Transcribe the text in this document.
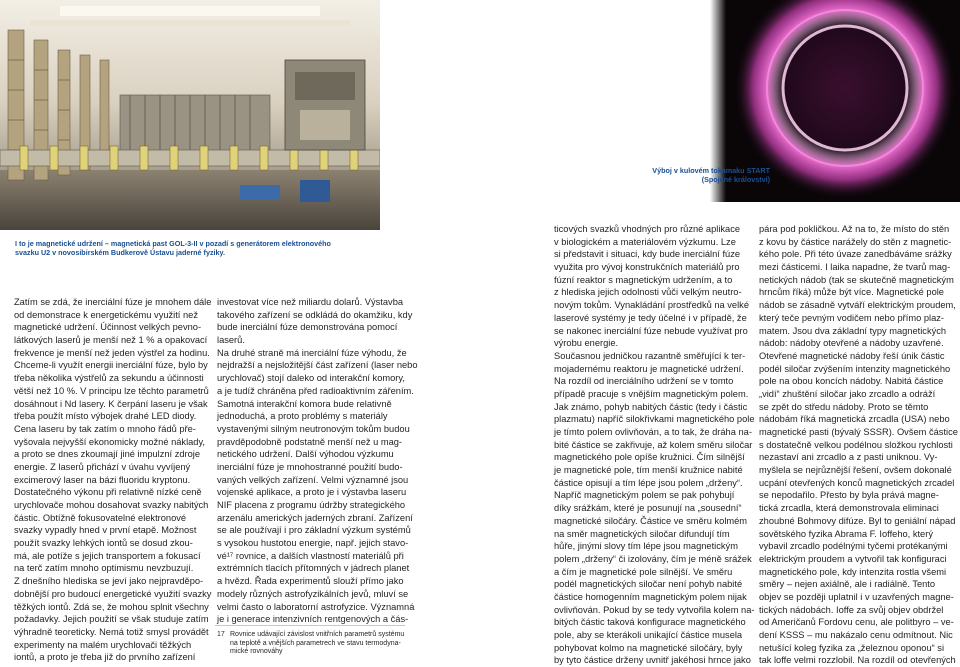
Výboj v kulovém tokamaku START
(Spojené království)
I to je magnetické udržení – magnetická past GOL-3-II v pozadí s generátorem elektronového
svazku U2 v novosibirském Budkerově Ústavu jaderné fyziky.
Zatím se zdá, že inerciální fúze je mnohem dále
od demonstrace k energetickému využití než
magnetické udržení. Účinnost velkých pevno-
látkových laserů je menší než 1 % a opakovací
frekvence je menší než jeden výstřel za hodinu.
Chceme-li využít energii inerciální fúze, bylo by
třeba několika výstřelů za sekundu a účinnosti
větší než 10 %. V principu lze těchto parametrů
dosáhnout i Nd lasery. K čerpání laseru je však
třeba použít místo výbojek drahé LED diody.
Cena laseru by tak zatím o mnoho řádů pře-
vyšovala nejvyšší ekonomicky možné náklady,
a proto se dnes zkoumají jiné impulzní zdroje
energie. Z laserů přichází v úvahu vyvíjený
excimerový laser na bázi fluoridu kryptonu.
Dostatečného výkonu při relativně nízké ceně
urychlovače mohou dosahovat svazky nabitých
částic. Obtížně fokusovatelné elektronové
svazky vypadly hned v první etapě. Možnost
použít svazky lehkých iontů se dosud zkou-
má, ale potíže s jejich transportem a fokusací
na terč zatím mnoho optimismu nevzbuzují.
Z dnešního hlediska se jeví jako nejpravděpo-
dobnější pro budoucí energetické využití svazky
těžkých iontů. Zdá se, že mohou splnit všechny
požadavky. Jejich použití se však studuje zatím
výhradně teoreticky. Nemá totiž smysl provádět
experimenty na malém urychlovači těžkých
iontů, a proto je třeba již do prvního zařízení
investovat více než miliardu dolarů. Výstavba
takového zařízení se odkládá do okamžiku, kdy
bude inerciální fúze demonstrována pomocí
laserů.
Na druhé straně má inerciální fúze výhodu, že
nejdražší a nejsložitější část zařízení (laser nebo
urychlovač) stojí daleko od interakční komory,
a je tudíž chráněna před radioaktivním zářením.
Samotná interakční komora bude relativně
jednoduchá, a proto problémy s materiály
vystavenými silným neutronovým tokům budou
pravděpodobně podstatně menší než u mag-
netického udržení. Další výhodou výzkumu
inerciální fúze je mnohostranné použití budo-
vaných velkých zařízení. Velmi významné jsou
vojenské aplikace, a proto je i výstavba laseru
NIF placena z programu údržby strategického
arzenálu amerických jaderných zbraní. Zařízení
se ale používají i pro základní výzkum systémů
s vysokou hustotou energie, např. jejich stavo-
vé¹⁷ rovnice, a dalších vlastností materiálů při
extrémních tlacích přítomných v jádrech planet
a hvězd. Řada experimentů slouží přímo jako
modely různých astrofyzikálních jevů, mluví se
velmi často o laboratorní astrofyzice. Významná
je i generace intenzivních rentgenových a čás-
ticových svazků vhodných pro různé aplikace
v biologickém a materiálovém výzkumu. Lze
si představit i situaci, kdy bude inerciální fúze
využita pro vývoj konstrukčních materiálů pro
fúzní reaktor s magnetickým udržením, a to
z hlediska jejich odolnosti vůči velkým neutro-
novým tokům. Vynakládání prostředků na velké
laserové systémy je tedy účelné i v případě, že
se nakonec inerciální fúze nebude využívat pro
výrobu energie.
Současnou jedničkou razantně směřující k ter-
mojadernému reaktoru je magnetické udržení.
Na rozdíl od inerciálního udržení se v tomto
případě pracuje s vnějším magnetickým polem.
Jak známo, pohyb nabitých částic (tedy i částic
plazmatu) napříč silokřivkami magnetického pole
je tímto polem ovlivňován, a to tak, že dráha na-
bité částice se zakřivuje, až kolem směru siločar
magnetického pole opíše kružnici. Čím silnější
je magnetické pole, tím menší kružnice nabité
částice opisují a tím lépe jsou polem „drženy“.
Napříč magnetickým polem se pak pohybují
díky srážkám, které je posunují na „sousední“
magnetické siločáry. Částice ve směru kolmém
na směr magnetických siločar difundují tím
hůře, jinými slovy tím lépe jsou magnetickým
polem „drženy“ či izolovány, čím je méně srážek
a čím je magnetické pole silnější. Ve směru
podél magnetických siločar není pohyb nabité
částice homogenním magnetickým polem nijak
ovlivňován. Pokud by se tedy vytvořila kolem na-
bitých částic taková konfigurace magnetického
pole, aby se kterákoli unikající částice musela
pohybovat kolmo na magnetické siločáry, byly
by tyto částice drženy uvnitř jakéhosi hrnce jako
pára pod pokličkou. Až na to, že místo do stěn
z kovu by částice narážely do stěn z magnetic-
kého pole. Při této úvaze zanedbáváme srážky
mezi částicemi. I laika napadne, že tvarů mag-
netických nádob (tak se skutečně magnetickým
hrncům říká) může být více. Magnetické pole
nádob se zásadně vytváří elektrickým proudem,
který teče pevným vodičem nebo přímo plaz-
matem. Jsou dva základní typy magnetických
nádob: nádoby otevřené a nádoby uzavřené.
Otevřené magnetické nádoby řeší únik částic
podél siločar zvýšením intenzity magnetického
pole na obou koncích nádoby. Nabitá částice
„vidí“ zhuštění siločar jako zrcadlo a odráží
se zpět do středu nádoby. Proto se těmto
nádobám říká magnetická zrcadla (USA) nebo
magnetické pasti (bývalý SSSR). Ovšem částice
s dostatečně velkou podélnou složkou rychlosti
nezastaví ani zrcadlo a z pasti uniknou. Vy-
myšlela se nejrůznější řešení, ovšem dokonalé
ucpání otevřených konců magnetických zrcadel
se nepodařilo. Přesto by byla prává magne-
tická zrcadla, která demonstrovala eliminaci
zhoubné Bohmovy difúze. Byl to geniální nápad
sovětského fyzika Abrama F. Ioffeho, který
vybavil zrcadlo podélnými tyčemi protékanými
elektrickým proudem a vytvořil tak konfiguraci
magnetického pole, kdy intenzita rostla všemi
směry – nejen axiálně, ale i radiálně. Tento
objev se později uplatnil i v uzavřených magne-
tických nádobách. Ioffe za svůj objev obdržel
od Američanů Fordovu cenu, ale politbyro – ve-
dení KSSS – mu nakázalo cenu odmítnout. Nic
netušící koleg fyzika za „železnou oponou“ si
tak loffe velmi rozzlobil. Na rozdíl od otevřených
17 Rovnice udávající závislost vnitřních parametrů systému
na teplotě a vnějších parametrech ve stavu termodyna-
mické rovnováhy
